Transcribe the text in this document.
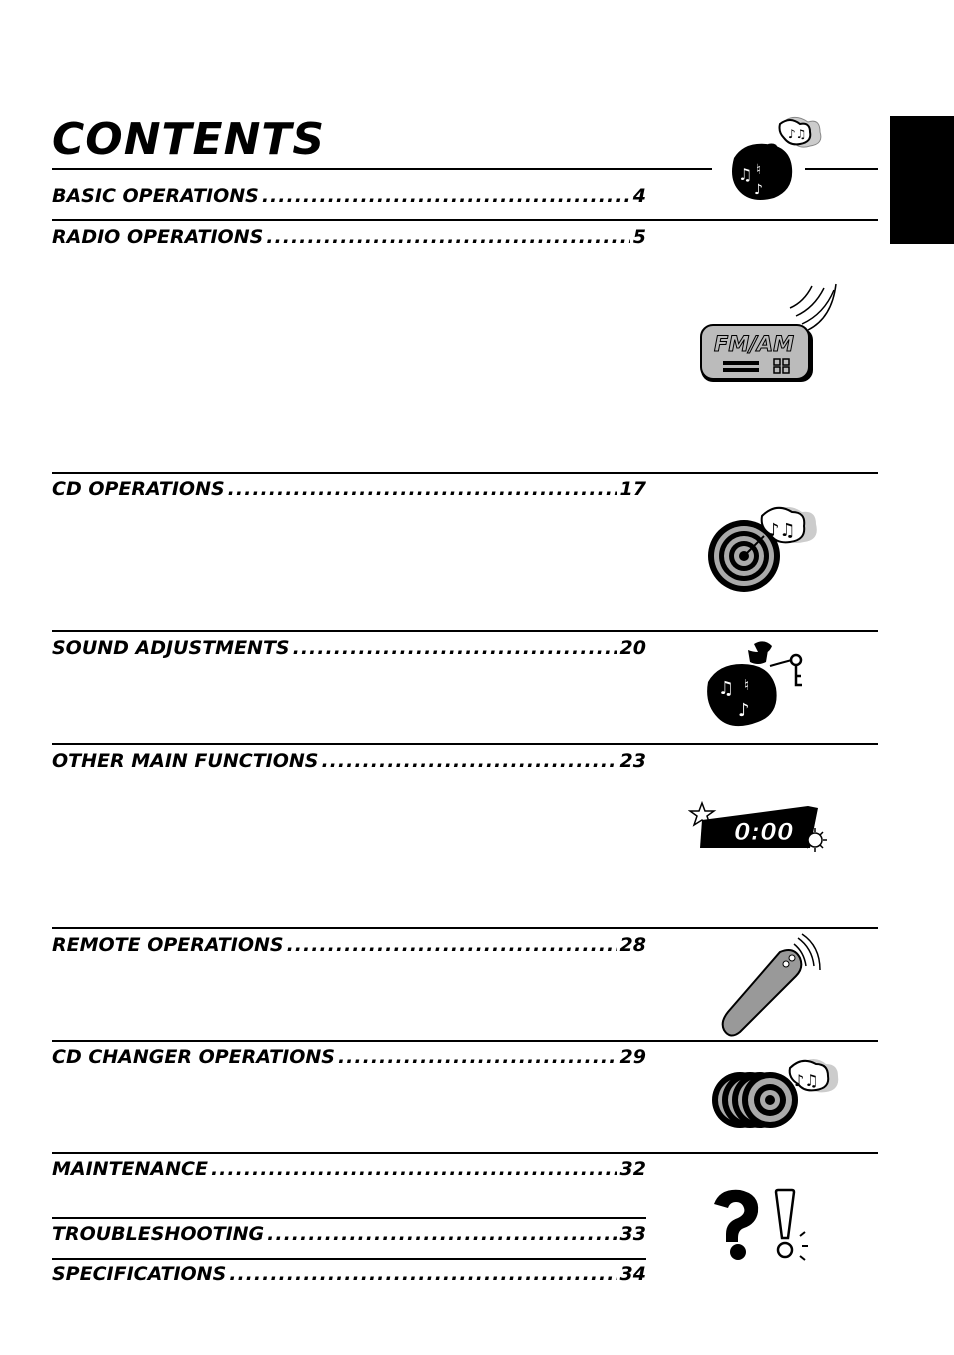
CONTENTS
BASIC OPERATIONS .....	4
RADIO OPERATIONS .....	5
CD OPERATIONS .....	17
SOUND ADJUSTMENTS .....	20
OTHER MAIN FUNCTIONS .....	23
REMOTE OPERATIONS .....	28
CD CHANGER OPERATIONS .....	29
MAINTENANCE .....	32
TROUBLESHOOTING .....	33
SPECIFICATIONS .....	34
♫ ♮
♪
♪♫
FM/AM
♪♫
♫ ♮
♪
0:00
♪♫
